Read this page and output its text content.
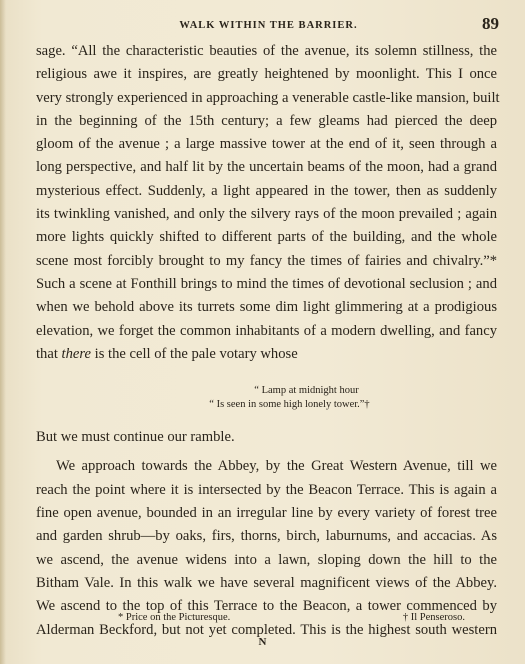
WALK WITHIN THE BARRIER.	89

sage. “All the characteristic beauties of the avenue, its solemn stillness, the
religious awe it inspires, are greatly heightened by moonlight. This I once
very strongly experienced in approaching a venerable castle-like mansion, built
in the beginning of the 15th century; a few gleams had pierced the deep
gloom of the avenue ; a large massive tower at the end of it, seen through a
long perspective, and half lit by the uncertain beams of the moon, had a grand
mysterious effect. Suddenly, a light appeared in the tower, then as suddenly
its twinkling vanished, and only the silvery rays of the moon prevailed ; again
more lights quickly shifted to different parts of the building, and the whole
scene most forcibly brought to my fancy the times of fairies and chivalry.”*
Such a scene at Fonthill brings to mind the times of devotional seclusion ; and
when we behold above its turrets some dim light glimmering at a prodigious
elevation, we forget the common inhabitants of a modern dwelling, and fancy
that there is the cell of the pale votary whose

“ Lamp at midnight hour
“ Is seen in some high lonely tower.”†

But we must continue our ramble.

We approach towards the Abbey, by the Great Western Avenue, till we
reach the point where it is intersected by the Beacon Terrace. This is again a
fine open avenue, bounded in an irregular line by every variety of forest tree
and garden shrub—by oaks, firs, thorns, birch, laburnums, and accacias. As
we ascend, the avenue widens into a lawn, sloping down the hill to the
Bitham Vale. In this walk we have several magnificent views of the Abbey.
We ascend to the top of this Terrace to the Beacon, a tower commenced by
Alderman Beckford, but not yet completed. This is the highest south western

* Price on the Picturesque.	† Il Penseroso.
N
